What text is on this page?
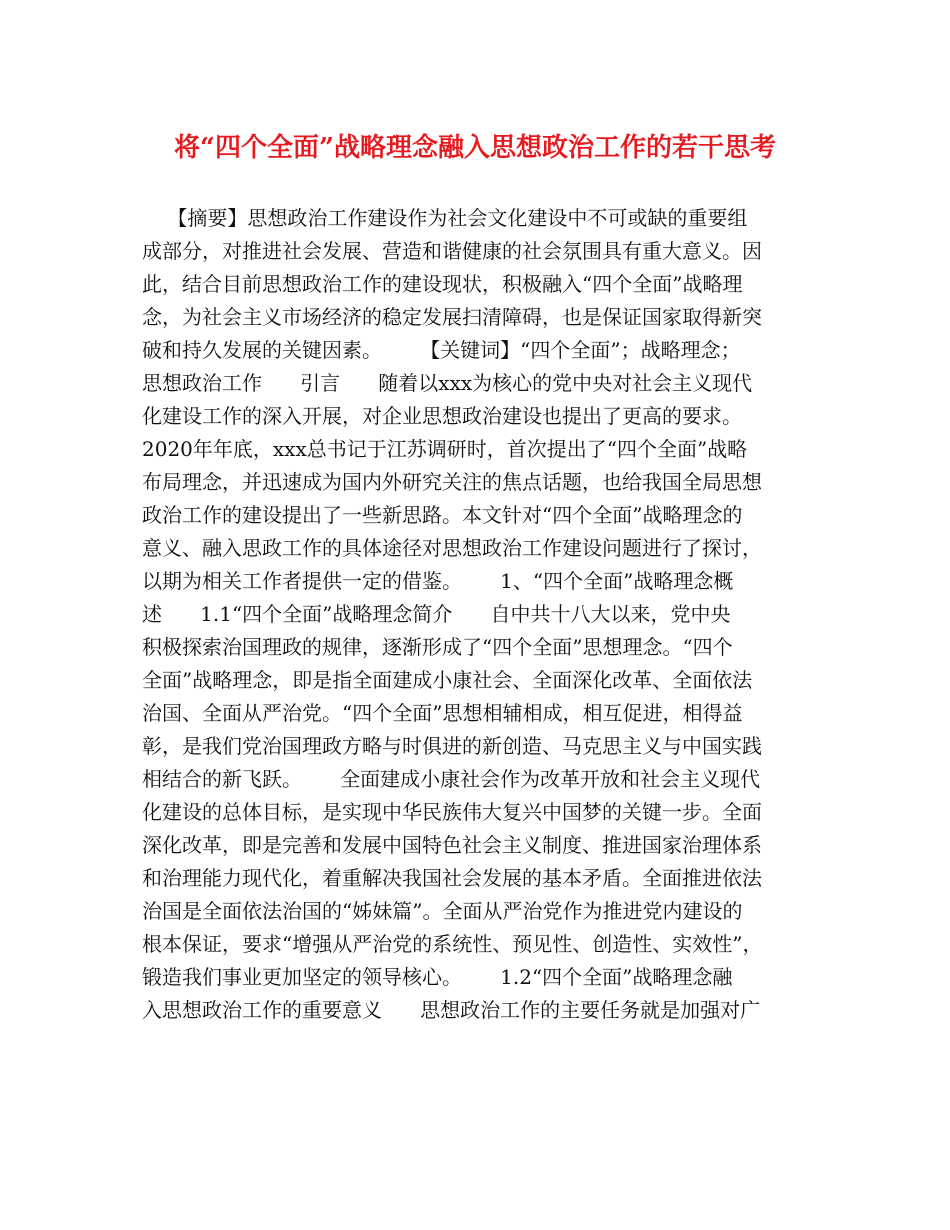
将“四个全面”战略理念融入思想政治工作的若干思考
【摘要】思想政治工作建设作为社会文化建设中不可或缺的重要组
成部分，对推进社会发展、营造和谐健康的社会氛围具有重大意义。因
此，结合目前思想政治工作的建设现状，积极融入“四个全面”战略理
念，为社会主义市场经济的稳定发展扫清障碍，也是保证国家取得新突
破和持久发展的关键因素。      【关键词】“四个全面”；战略理念；
思想政治工作      引言      随着以xxx为核心的党中央对社会主义现代
化建设工作的深入开展，对企业思想政治建设也提出了更高的要求。
2020年年底，xxx总书记于江苏调研时，首次提出了“四个全面”战略
布局理念，并迅速成为国内外研究关注的焦点话题，也给我国全局思想
政治工作的建设提出了一些新思路。本文针对“四个全面”战略理念的
意义、融入思政工作的具体途径对思想政治工作建设问题进行了探讨，
以期为相关工作者提供一定的借鉴。      1、“四个全面”战略理念概
述      1.1“四个全面”战略理念简介      自中共十八大以来，党中央
积极探索治国理政的规律，逐渐形成了“四个全面”思想理念。“四个
全面”战略理念，即是指全面建成小康社会、全面深化改革、全面依法
治国、全面从严治党。“四个全面”思想相辅相成，相互促进，相得益
彰，是我们党治国理政方略与时俱进的新创造、马克思主义与中国实践
相结合的新飞跃。      全面建成小康社会作为改革开放和社会主义现代
化建设的总体目标，是实现中华民族伟大复兴中国梦的关键一步。全面
深化改革，即是完善和发展中国特色社会主义制度、推进国家治理体系
和治理能力现代化，着重解决我国社会发展的基本矛盾。全面推进依法
治国是全面依法治国的“姊妹篇”。全面从严治党作为推进党内建设的
根本保证，要求“增强从严治党的系统性、预见性、创造性、实效性”，
锻造我们事业更加坚定的领导核心。      1.2“四个全面”战略理念融
入思想政治工作的重要意义      思想政治工作的主要任务就是加强对广
